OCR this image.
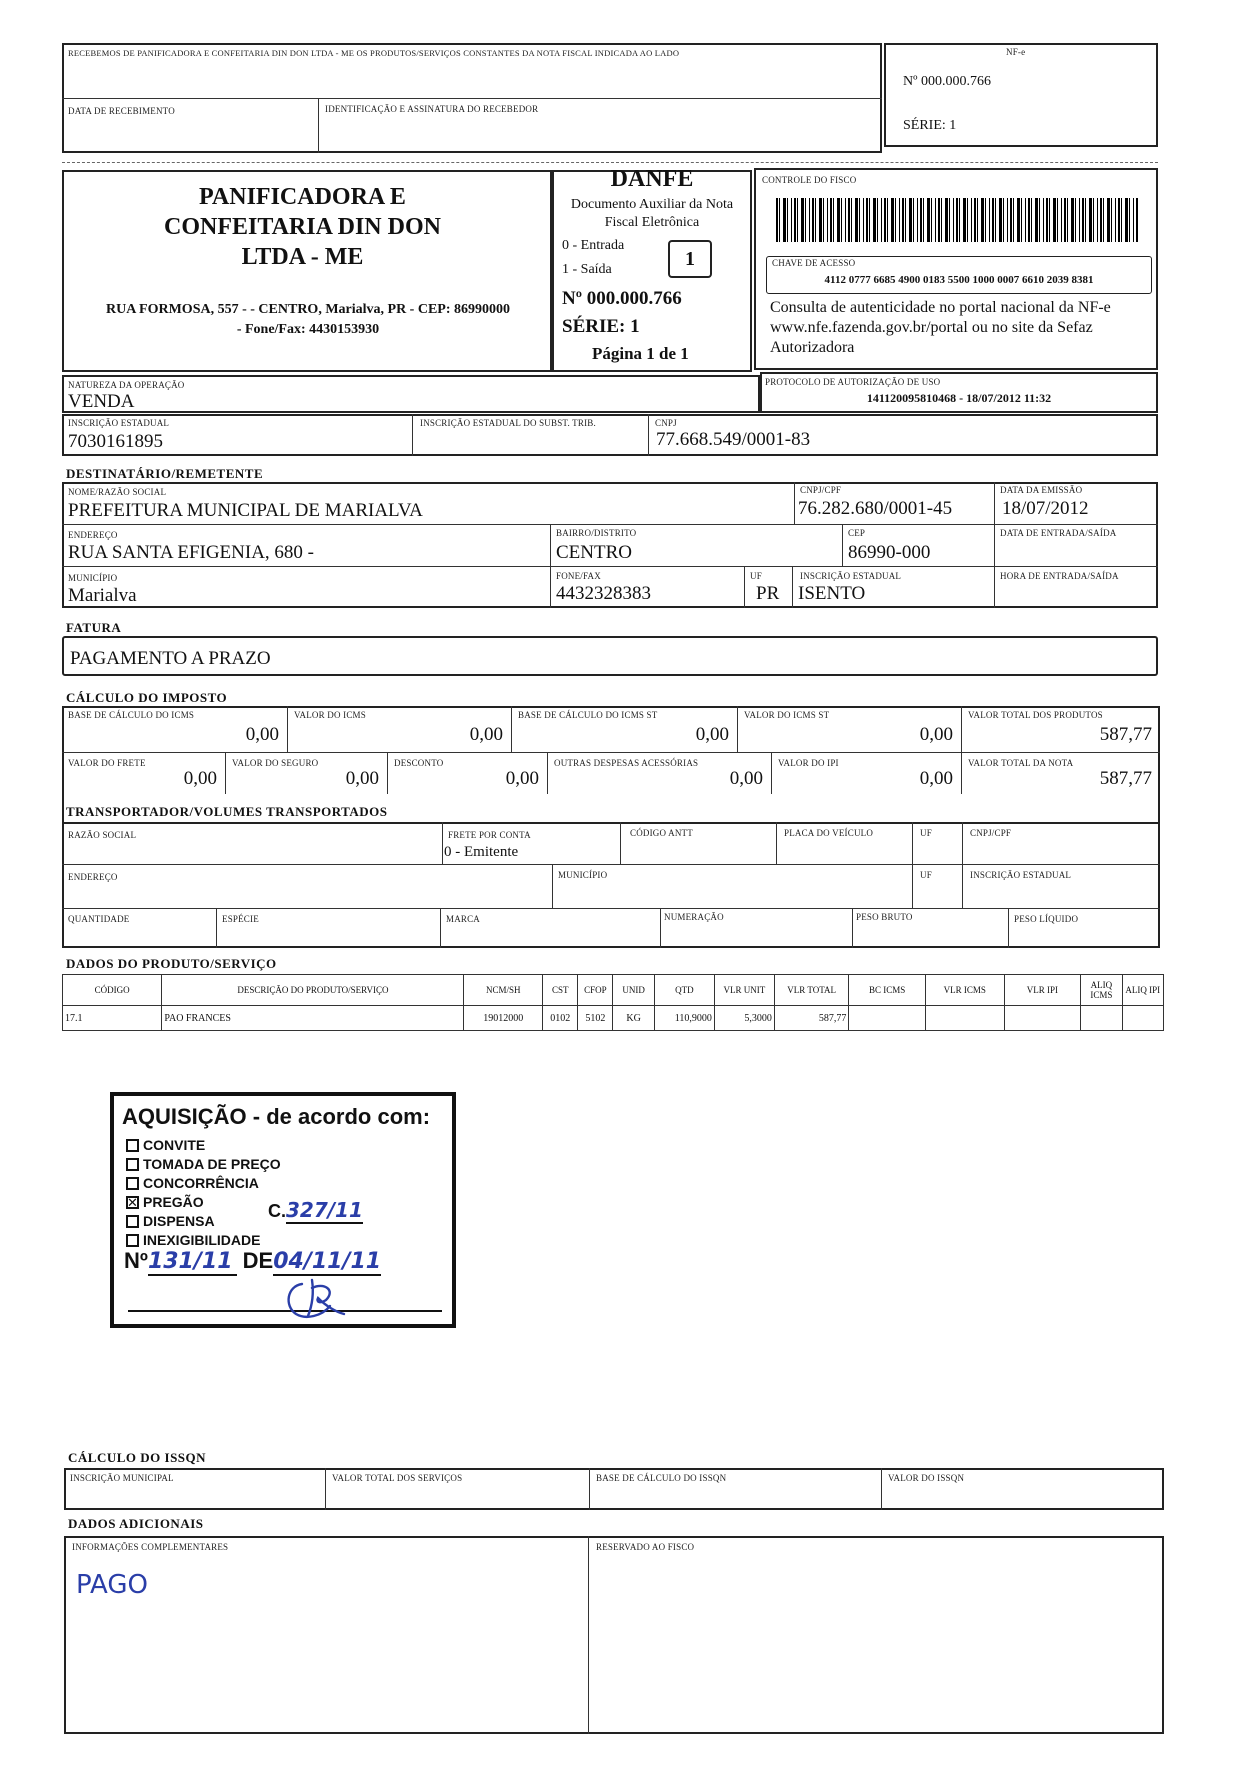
RECEBEMOS DE PANIFICADORA E CONFEITARIA DIN DON LTDA - ME OS PRODUTOS/SERVIÇOS CONSTANTES DA NOTA FISCAL INDICADA AO LADO
DATA DE RECEBIMENTO	IDENTIFICAÇÃO E ASSINATURA DO RECEBEDOR
NF-e
Nº 000.000.766
SÉRIE: 1
PANIFICADORA E CONFEITARIA DIN DON LTDA - ME
RUA FORMOSA, 557 - - CENTRO, Marialva, PR - CEP: 86990000
- Fone/Fax: 4430153930
DANFE
Documento Auxiliar da Nota Fiscal Eletrônica
0 - Entrada
1 - Saída	1
Nº 000.000.766
SÉRIE: 1
Página 1 de 1
CONTROLE DO FISCO
CHAVE DE ACESSO
4112 0777 6685 4900 0183 5500 1000 0007 6610 2039 8381
Consulta de autenticidade no portal nacional da NF-e www.nfe.fazenda.gov.br/portal ou no site da Sefaz Autorizadora
NATUREZA DA OPERAÇÃO
VENDA
PROTOCOLO DE AUTORIZAÇÃO DE USO
141120095810468 - 18/07/2012 11:32
INSCRIÇÃO ESTADUAL
7030161895
INSCRIÇÃO ESTADUAL DO SUBST. TRIB.	CNPJ
77.668.549/0001-83
DESTINATÁRIO/REMETENTE
NOME/RAZÃO SOCIAL
PREFEITURA MUNICIPAL DE MARIALVA
CNPJ/CPF
76.282.680/0001-45
DATA DA EMISSÃO
18/07/2012
ENDEREÇO
RUA SANTA EFIGENIA, 680 -
BAIRRO/DISTRITO
CENTRO
CEP
86990-000
DATA DE ENTRADA/SAÍDA
MUNICÍPIO
Marialva
FONE/FAX
4432328383
UF
PR
INSCRIÇÃO ESTADUAL
ISENTO
HORA DE ENTRADA/SAÍDA
FATURA
PAGAMENTO A PRAZO
CÁLCULO DO IMPOSTO
BASE DE CÁLCULO DO ICMS
0,00
VALOR DO ICMS
0,00
BASE DE CÁLCULO DO ICMS ST
0,00
VALOR DO ICMS ST
0,00
VALOR TOTAL DOS PRODUTOS
587,77
VALOR DO FRETE
0,00
VALOR DO SEGURO
0,00
DESCONTO
0,00
OUTRAS DESPESAS ACESSÓRIAS
0,00
VALOR DO IPI
0,00
VALOR TOTAL DA NOTA
587,77
TRANSPORTADOR/VOLUMES TRANSPORTADOS
RAZÃO SOCIAL	FRETE POR CONTA
0 - Emitente
CÓDIGO ANTT	PLACA DO VEÍCULO	UF	CNPJ/CPF
ENDEREÇO	MUNICÍPIO	UF	INSCRIÇÃO ESTADUAL
QUANTIDADE	ESPÉCIE	MARCA	NUMERAÇÃO	PESO BRUTO	PESO LÍQUIDO
DADOS DO PRODUTO/SERVIÇO
CÓDIGO	DESCRIÇÃO DO PRODUTO/SERVIÇO	NCM/SH	CST	CFOP	UNID	QTD	VLR UNIT	VLR TOTAL	BC ICMS	VLR ICMS	VLR IPI	ALIQ ICMS	ALIQ IPI
17.1	PAO FRANCES	19012000	0102	5102	KG	110,9000	5,3000	587,77					
AQUISIÇÃO - de acordo com:
CONVITE
TOMADA DE PREÇO
CONCORRÊNCIA
✕PREGÃO
DISPENSA
INEXIGIBILIDADE
C.327/11
Nº131/11 DE04/11/11
CÁLCULO DO ISSQN
INSCRIÇÃO MUNICIPAL	VALOR TOTAL DOS SERVIÇOS	BASE DE CÁLCULO DO ISSQN	VALOR DO ISSQN
DADOS ADICIONAIS
INFORMAÇÕES COMPLEMENTARES	RESERVADO AO FISCO
PAGO
